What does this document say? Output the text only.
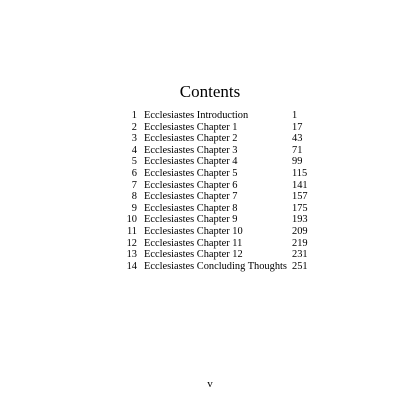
Contents
1 Ecclesiastes Introduction	1
2 Ecclesiastes Chapter 1	17
3 Ecclesiastes Chapter 2	43
4 Ecclesiastes Chapter 3	71
5 Ecclesiastes Chapter 4	99
6 Ecclesiastes Chapter 5	115
7 Ecclesiastes Chapter 6	141
8 Ecclesiastes Chapter 7	157
9 Ecclesiastes Chapter 8	175
10 Ecclesiastes Chapter 9	193
11 Ecclesiastes Chapter 10	209
12 Ecclesiastes Chapter 11	219
13 Ecclesiastes Chapter 12	231
14 Ecclesiastes Concluding Thoughts 251
v
